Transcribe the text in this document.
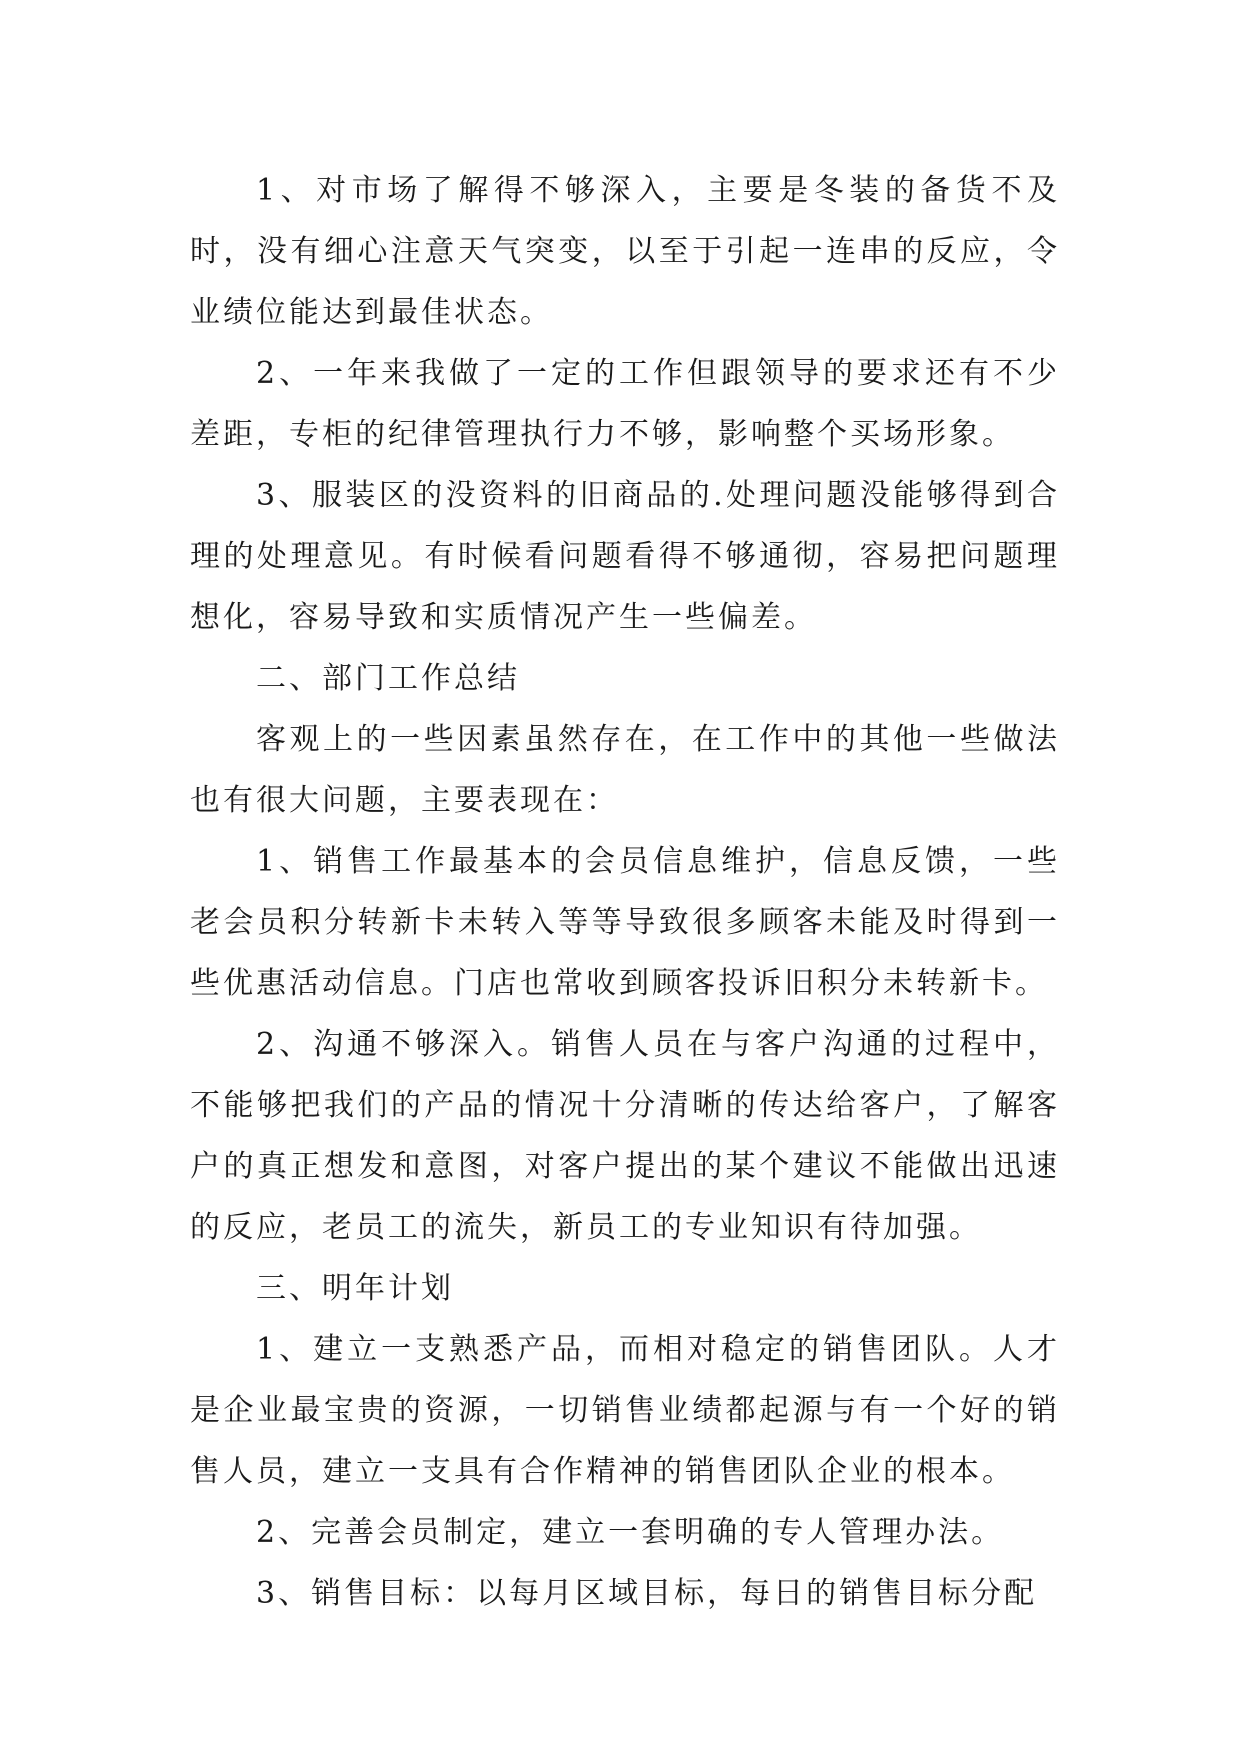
1、对市场了解得不够深入，主要是冬装的备货不及时，没有细心注意天气突变，以至于引起一连串的反应，令业绩位能达到最佳状态。

2、一年来我做了一定的工作但跟领导的要求还有不少差距，专柜的纪律管理执行力不够，影响整个买场形象。

3、服装区的没资料的旧商品的.处理问题没能够得到合理的处理意见。有时候看问题看得不够通彻，容易把问题理想化，容易导致和实质情况产生一些偏差。

二、部门工作总结

客观上的一些因素虽然存在，在工作中的其他一些做法也有很大问题，主要表现在：

1、销售工作最基本的会员信息维护，信息反馈，一些老会员积分转新卡未转入等等导致很多顾客未能及时得到一些优惠活动信息。门店也常收到顾客投诉旧积分未转新卡。

2、沟通不够深入。销售人员在与客户沟通的过程中，不能够把我们的产品的情况十分清晰的传达给客户，了解客户的真正想发和意图，对客户提出的某个建议不能做出迅速的反应，老员工的流失，新员工的专业知识有待加强。

三、明年计划

1、建立一支熟悉产品，而相对稳定的销售团队。人才是企业最宝贵的资源，一切销售业绩都起源与有一个好的销售人员，建立一支具有合作精神的销售团队企业的根本。

2、完善会员制定，建立一套明确的专人管理办法。

3、销售目标：以每月区域目标，每日的销售目标分配
